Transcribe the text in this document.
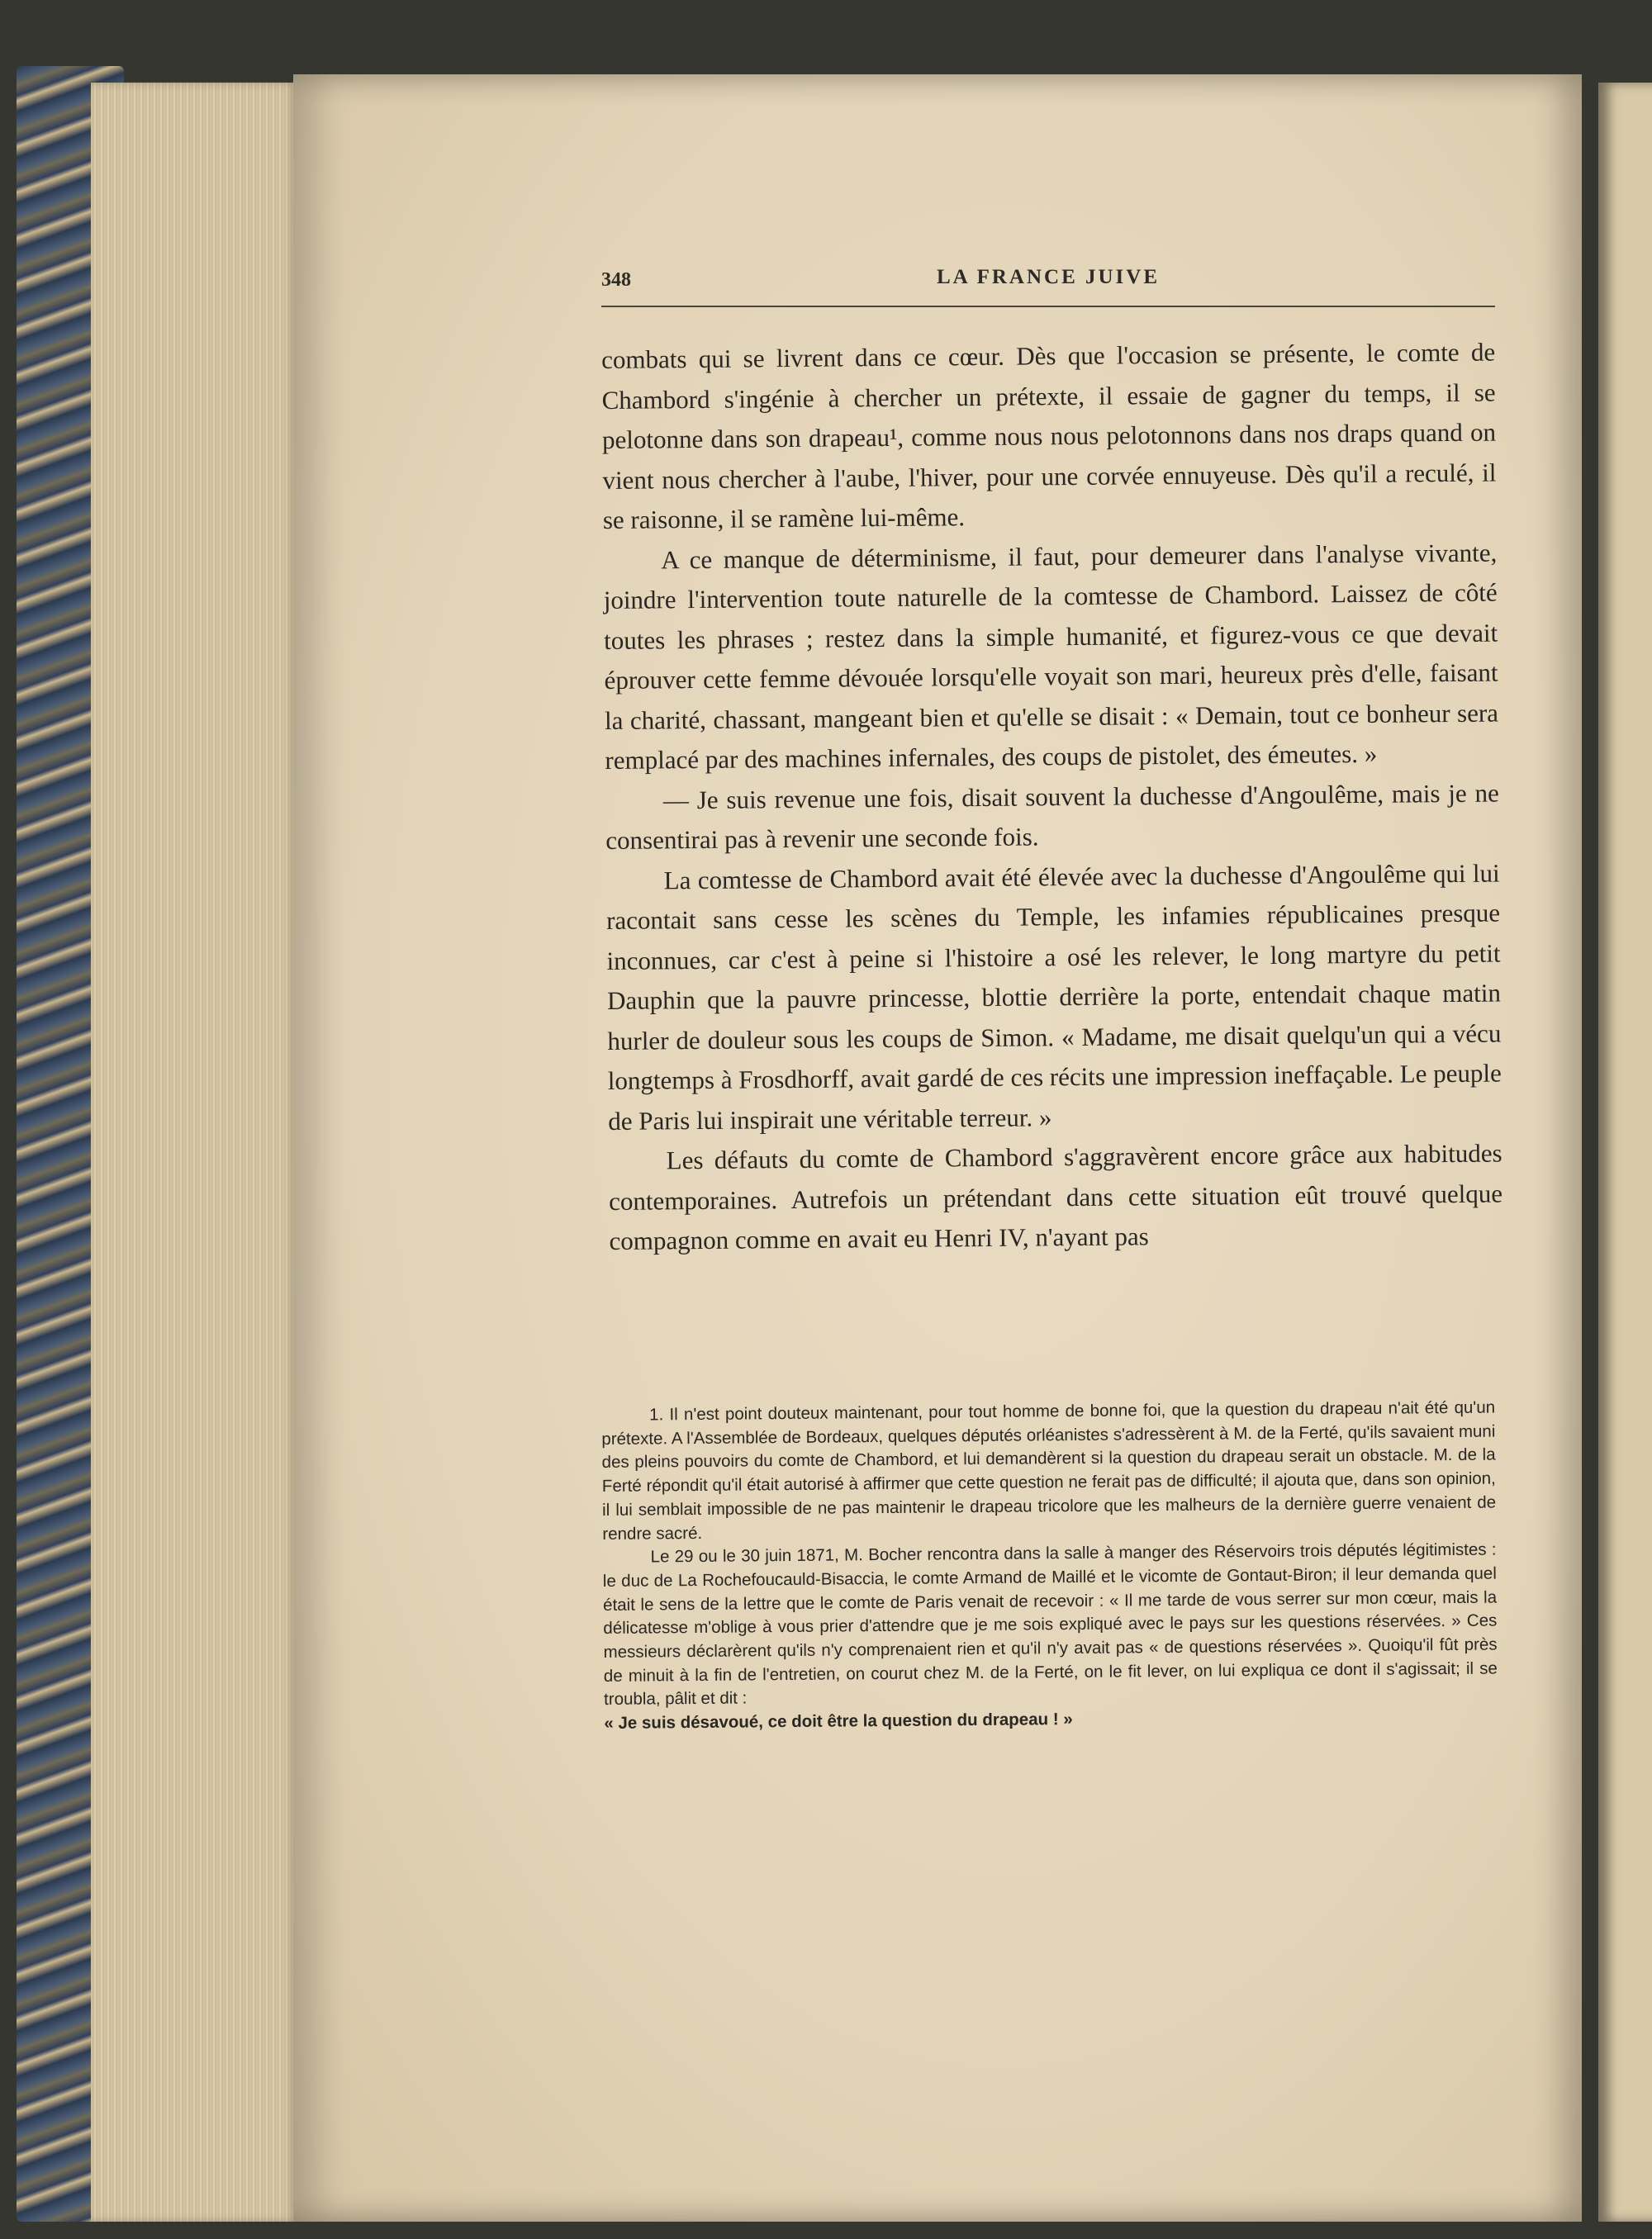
348	LA FRANCE JUIVE

combats qui se livrent dans ce cœur. Dès que l'occasion se présente, le comte de Chambord s'ingénie à chercher un prétexte, il essaie de gagner du temps, il se pelotonne dans son drapeau¹, comme nous nous pelotonnons dans nos draps quand on vient nous chercher à l'aube, l'hiver, pour une corvée ennuyeuse. Dès qu'il a reculé, il se raisonne, il se ramène lui-même.

A ce manque de déterminisme, il faut, pour demeurer dans l'analyse vivante, joindre l'intervention toute naturelle de la comtesse de Chambord. Laissez de côté toutes les phrases ; restez dans la simple humanité, et figurez-vous ce que devait éprouver cette femme dévouée lorsqu'elle voyait son mari, heureux près d'elle, faisant la charité, chassant, mangeant bien et qu'elle se disait : « Demain, tout ce bonheur sera remplacé par des machines infernales, des coups de pistolet, des émeutes. »

— Je suis revenue une fois, disait souvent la duchesse d'Angoulême, mais je ne consentirai pas à revenir une seconde fois.

La comtesse de Chambord avait été élevée avec la duchesse d'Angoulême qui lui racontait sans cesse les scènes du Temple, les infamies républicaines presque inconnues, car c'est à peine si l'histoire a osé les relever, le long martyre du petit Dauphin que la pauvre princesse, blottie derrière la porte, entendait chaque matin hurler de douleur sous les coups de Simon. « Madame, me disait quelqu'un qui a vécu longtemps à Frosdhorff, avait gardé de ces récits une impression ineffaçable. Le peuple de Paris lui inspirait une véritable terreur. »

Les défauts du comte de Chambord s'aggravèrent encore grâce aux habitudes contemporaines. Autrefois un prétendant dans cette situation eût trouvé quelque compagnon comme en avait eu Henri IV, n'ayant pas

1. Il n'est point douteux maintenant, pour tout homme de bonne foi, que la question du drapeau n'ait été qu'un prétexte. A l'Assemblée de Bordeaux, quelques députés orléanistes s'adressèrent à M. de la Ferté, qu'ils savaient muni des pleins pouvoirs du comte de Chambord, et lui demandèrent si la question du drapeau serait un obstacle. M. de la Ferté répondit qu'il était autorisé à affirmer que cette question ne ferait pas de difficulté; il ajouta que, dans son opinion, il lui semblait impossible de ne pas maintenir le drapeau tricolore que les malheurs de la dernière guerre venaient de rendre sacré.

Le 29 ou le 30 juin 1871, M. Bocher rencontra dans la salle à manger des Réservoirs trois députés légitimistes : le duc de La Rochefoucauld-Bisaccia, le comte Armand de Maillé et le vicomte de Gontaut-Biron; il leur demanda quel était le sens de la lettre que le comte de Paris venait de recevoir : « Il me tarde de vous serrer sur mon cœur, mais la délicatesse m'oblige à vous prier d'attendre que je me sois expliqué avec le pays sur les questions réservées. » Ces messieurs déclarèrent qu'ils n'y comprenaient rien et qu'il n'y avait pas « de questions réservées ». Quoiqu'il fût près de minuit à la fin de l'entretien, on courut chez M. de la Ferté, on le fit lever, on lui expliqua ce dont il s'agissait; il se troubla, pâlit et dit :
« Je suis désavoué, ce doit être la question du drapeau ! »
